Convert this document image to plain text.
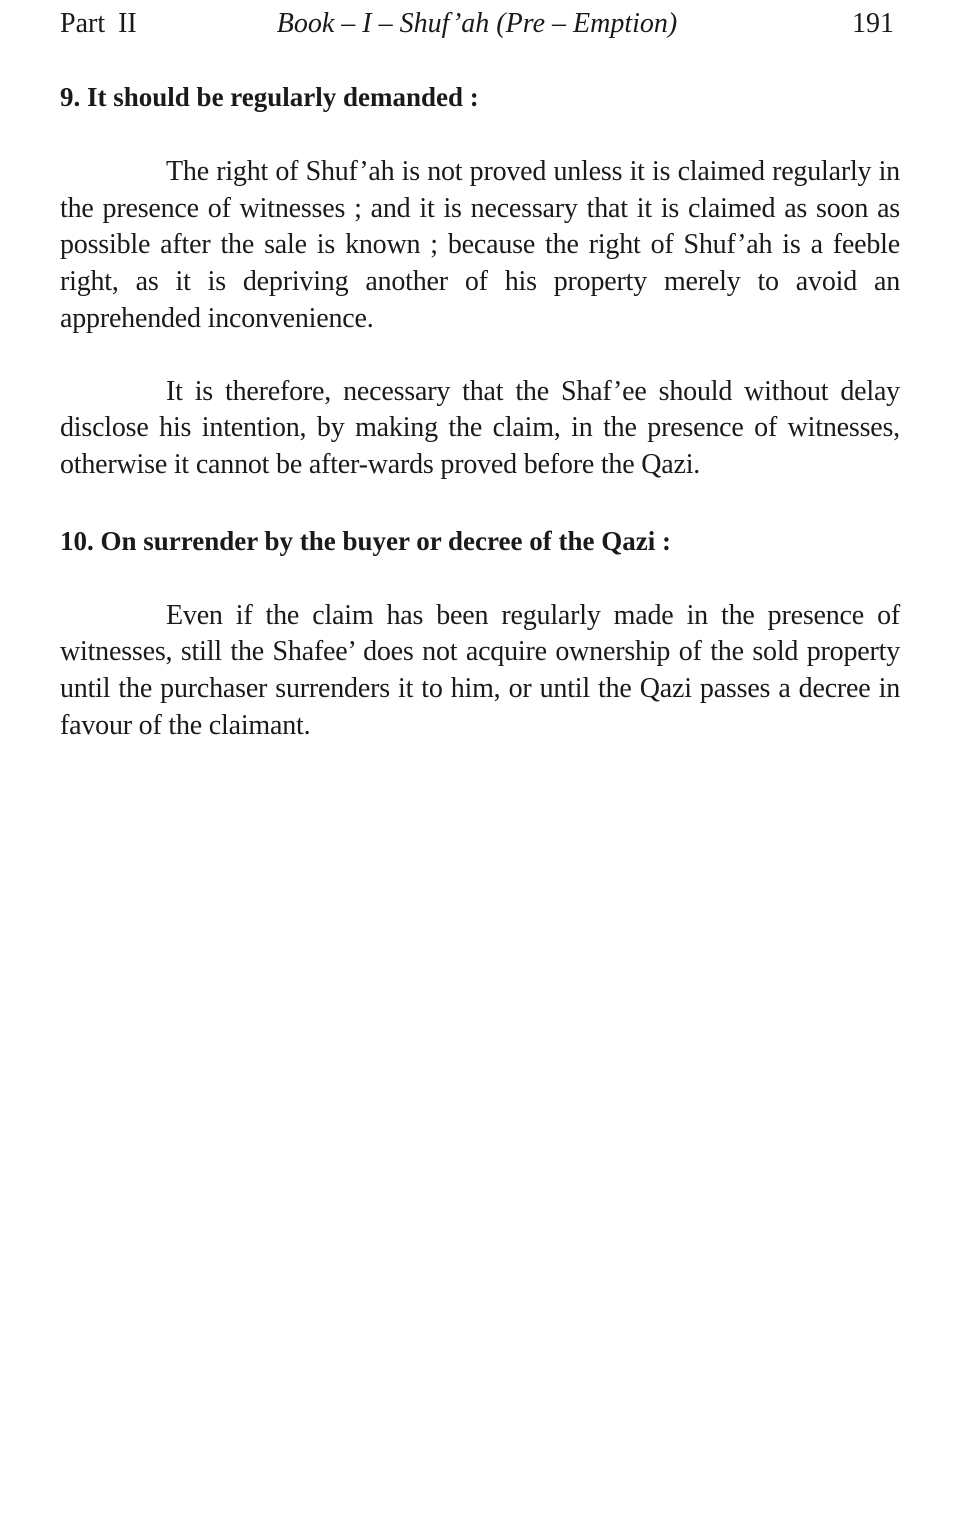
Part II	Book – I – Shuf’ah (Pre – Emption)	191
9. It should be regularly demanded :

The right of Shuf’ah is not proved unless it is claimed regularly in the presence of witnesses ; and it is necessary that it is claimed as soon as possible after the sale is known ; because the right of Shuf’ah is a feeble right, as it is depriving another of his property merely to avoid an apprehended inconvenience.

It is therefore, necessary that the Shaf’ee should without delay disclose his intention, by making the claim, in the presence of witnesses, otherwise it cannot be after-wards proved before the Qazi.

10. On surrender by the buyer or decree of the Qazi :

Even if the claim has been regularly made in the presence of witnesses, still the Shafee’ does not acquire ownership of the sold property until the purchaser surrenders it to him, or until the Qazi passes a decree in favour of the claimant.
